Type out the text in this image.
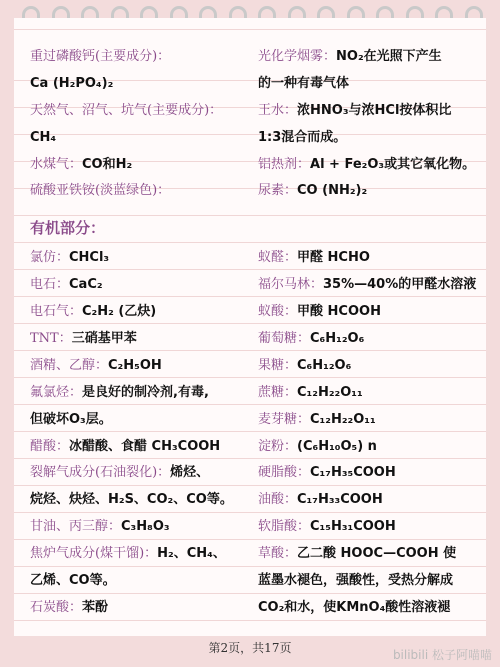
重过磷酸钙(主要成分)：
Ca (H₂PO₄)₂
天然气、沼气、坑气(主要成分)：
CH₄
水煤气：CO和H₂
硫酸亚铁铵(淡蓝绿色)：
有机部分：
氯仿：CHCl₃
电石：CaC₂
电石气：C₂H₂ (乙炔)
TNT：三硝基甲苯
酒精、乙醇：C₂H₅OH
氟氯烃：是良好的制冷剂,有毒,
但破坏O₃层。
醋酸：冰醋酸、食醋 CH₃COOH
裂解气成分(石油裂化)：烯烃、
烷烃、炔烃、H₂S、CO₂、CO等。
甘油、丙三醇：C₃H₈O₃
焦炉气成分(煤干馏)：H₂、CH₄、
乙烯、CO等。
石炭酸：苯酚
光化学烟雾：NO₂在光照下产生
的一种有毒气体
王水：浓HNO₃与浓HCl按体积比
1:3混合而成。
铝热剂：Al + Fe₂O₃或其它氧化物。
尿素：CO (NH₂)₂
蚁醛：甲醛 HCHO
福尔马林：35%—40%的甲醛水溶液
蚁酸：甲酸 HCOOH
葡萄糖：C₆H₁₂O₆
果糖：C₆H₁₂O₆
蔗糖：C₁₂H₂₂O₁₁
麦芽糖：C₁₂H₂₂O₁₁
淀粉：(C₆H₁₀O₅) n
硬脂酸：C₁₇H₃₅COOH
油酸：C₁₇H₃₃COOH
软脂酸：C₁₅H₃₁COOH
草酸：乙二酸 HOOC—COOH 使
蓝墨水褪色，强酸性，受热分解成
CO₂和水，使KMnO₄酸性溶液褪
第2页，共17页	bilibili 松子阿喵喵
